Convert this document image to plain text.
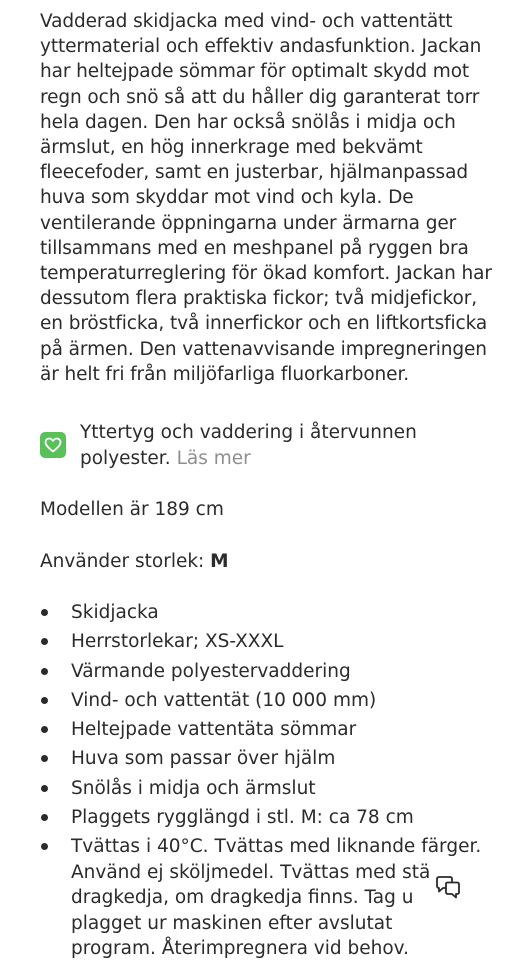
Vadderad skidjacka med vind- och vattentätt
yttermaterial och effektiv andasfunktion. Jackan
har heltejpade sömmar för optimalt skydd mot
regn och snö så att du håller dig garanterat torr
hela dagen. Den har också snölås i midja och
ärmslut, en hög innerkrage med bekvämt
fleecefoder, samt en justerbar, hjälmanpassad
huva som skyddar mot vind och kyla. De
ventilerande öppningarna under ärmarna ger
tillsammans med en meshpanel på ryggen bra
temperaturreglering för ökad komfort. Jackan har
dessutom flera praktiska fickor; två midjefickor,
en bröstficka, två innerfickor och en liftkortsficka
på ärmen. Den vattenavvisande impregneringen
är helt fri från miljöfarliga fluorkarboner.

Yttertyg och vaddering i återvunnen
polyester. Läs mer

Modellen är 189 cm

Använder storlek: M

Skidjacka
Herrstorlekar; XS-XXXL
Värmande polyestervaddering
Vind- och vattentät (10 000 mm)
Heltejpade vattentäta sömmar
Huva som passar över hjälm
Snölås i midja och ärmslut
Plaggets rygglängd i stl. M: ca 78 cm
Tvättas i 40°C. Tvättas med liknande färger.
Använd ej sköljmedel. Tvättas med stä
dragkedja, om dragkedja finns. Tag u
plagget ur maskinen efter avslutat
program. Återimpregnera vid behov.
